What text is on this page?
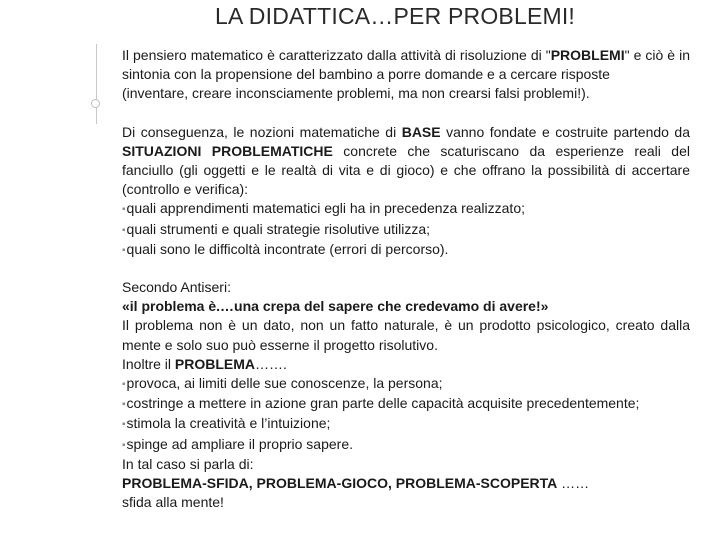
LA DIDATTICA…PER PROBLEMI!

Il pensiero matematico è caratterizzato dalla attività di risoluzione di "PROBLEMI" e ciò è in sintonia con la propensione del bambino a porre domande e a cercare risposte

(inventare, creare inconsciamente problemi, ma non crearsi falsi problemi!).

Di conseguenza, le nozioni matematiche di BASE vanno fondate e costruite partendo da SITUAZIONI PROBLEMATICHE concrete che scaturiscano da esperienze reali del fanciullo (gli oggetti e le realtà di vita e di gioco) e che offrano la possibilità di accertare (controllo e verifica):

▪quali apprendimenti matematici egli ha in precedenza realizzato;

▪quali strumenti e quali strategie risolutive utilizza;

▪quali sono le difficoltà incontrate (errori di percorso).

Secondo Antiseri:

«il problema è.…una crepa del sapere che credevamo di avere!»

Il problema non è un dato, non un fatto naturale, è un prodotto psicologico, creato dalla mente e solo suo può esserne il progetto risolutivo.

Inoltre il PROBLEMA…….

▪provoca, ai limiti delle sue conoscenze, la persona;

▪costringe a mettere in azione gran parte delle capacità acquisite precedentemente;

▪stimola la creatività e l’intuizione;

▪spinge ad ampliare il proprio sapere.

In tal caso si parla di:

PROBLEMA-SFIDA, PROBLEMA-GIOCO, PROBLEMA-SCOPERTA ……

sfida alla mente!
